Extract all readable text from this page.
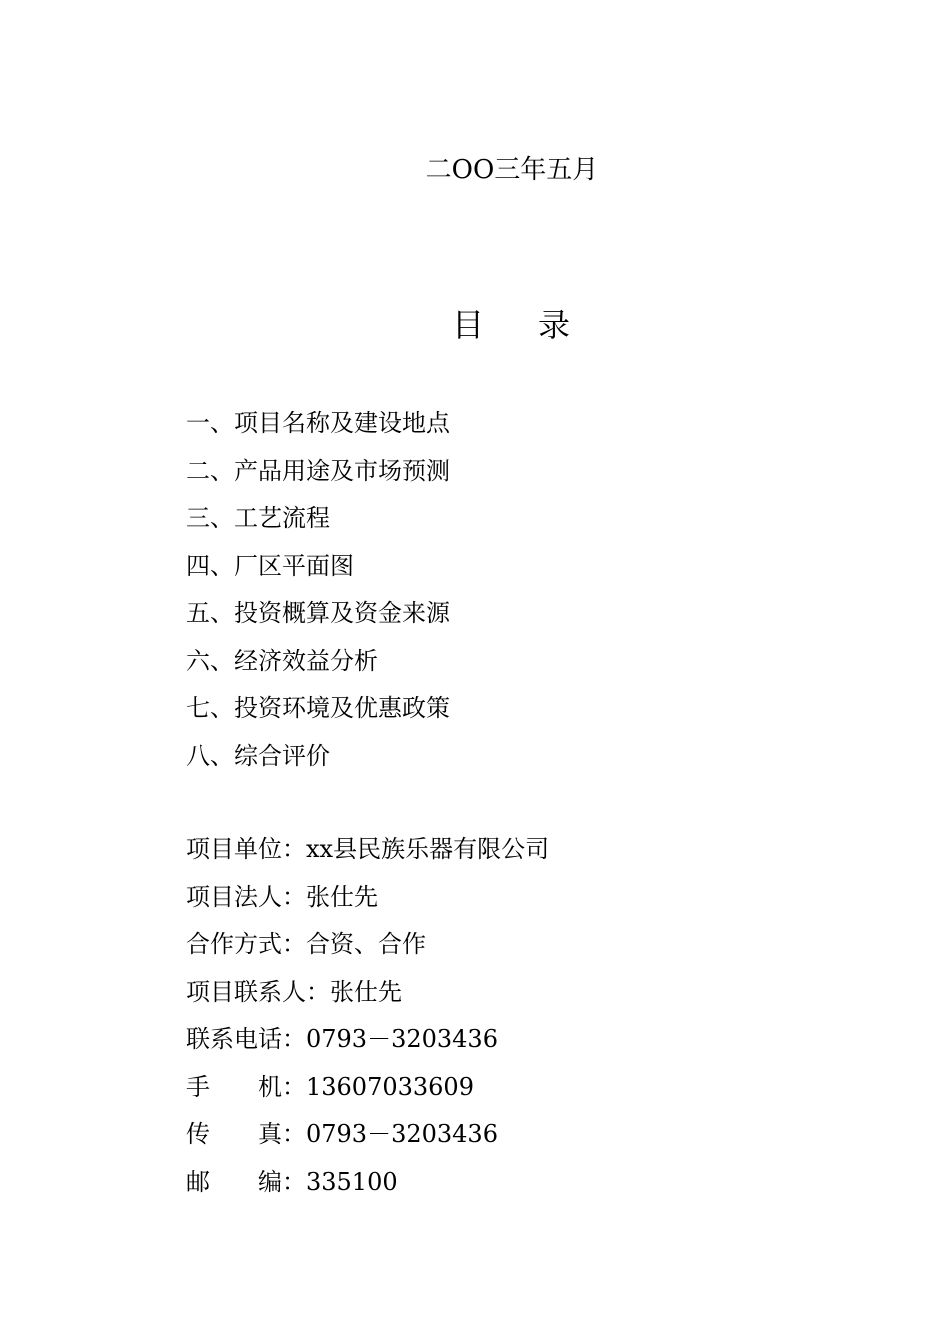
二OO三年五月
目 录
一、项目名称及建设地点
二、产品用途及市场预测
三、工艺流程
四、厂区平面图
五、投资概算及资金来源
六、经济效益分析
七、投资环境及优惠政策
八、综合评价
项目单位：xx县民族乐器有限公司
项目法人：张仕先
合作方式：合资、合作
项目联系人：张仕先
联系电话：0793－3203436
手 机 ：13607033609
传 真 ：0793－3203436
邮 编 ：335100
